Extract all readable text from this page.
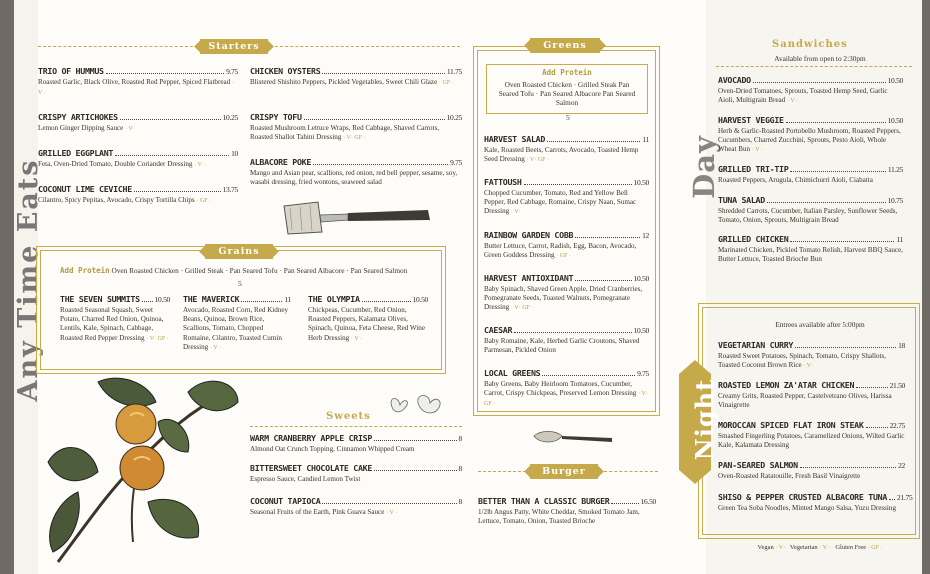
Any Time Eats
Starters
TRIO OF HUMMUS	9.75
Roasted Garlic, Black Olive, Roasted Red Pepper, Spiced Flatbread · V ·
CRISPY ARTICHOKES	10.25
Lemon Ginger Dipping Sauce · V·
GRILLED EGGPLANT	10
Feta, Oven-Dried Tomato, Double Coriander Dressing · V ·
COCONUT LIME CEVICHE	13.75
Cilantro, Spicy Pepitas, Avocado, Crispy Tortilla Chips · GF ·
CHICKEN OYSTERS	11.75
Blistered Shishito Peppers, Pickled Vegetables, Sweet Chili Glaze · GF ·
CRISPY TOFU	10.25
Roasted Mushroom Lettuce Wraps, Red Cabbage, Shaved Carrots, Roasted Shallot Tahini Dressing · V· GF ·
ALBACORE POKE	9.75
Mango and Asian pear, scallions, red onion, red bell pepper, sesame, soy, wasabi dressing, fried wontons, seaweed salad
Grains
Add Protein Oven Roasted Chicken · Grilled Steak · Pan Seared Tofu · Pan Seared Albacore · Pan Seared Salmon
5
THE SEVEN SUMMITS 10.50
Roasted Seasonal Squash, Sweet Potato, Charred Red Onion, Quinoa, Lentils, Kale, Spinach, Cabbage, Roasted Red Pepper Dressing · V· GF ·
THE MAVERICK	11
Avocado, Roasted Corn, Red Kidney Beans, Quinoa, Brown Rice, Scallions, Tomato, Chopped Romaine, Cilantro, Toasted Cumin Dressing · V ·
THE OLYMPIA	10.50
Chickpeas, Cucumber, Red Onion, Roasted Peppers, Kalamata Olives, Spinach, Quinoa, Feta Cheese, Red Wine Herb Dressing · V ·
Sweets
WARM CRANBERRY APPLE CRISP	8
Almond Oat Crunch Topping, Cinnamon Whipped Cream
BITTERSWEET CHOCOLATE CAKE	8
Espresso Sauce, Candied Lemon Twist
COCONUT TAPIOCA	8
Seasonal Fruits of the Earth, Pink Guava Sauce · V ·
Greens
Add Protein
Oven Roasted Chicken · Grilled Steak Pan Seared Tofu · Pan Seared Albacore Pan Seared Salmon
5
HARVEST SALAD	11
Kale, Roasted Beets, Carrots, Avocado, Toasted Hemp Seed Dressing · V· GF ·
FATTOUSH	10.50
Chopped Cucumber, Tomato, Red and Yellow Bell Pepper, Red Cabbage, Romaine, Crispy Naan, Sumac Dressing · V·
RAINBOW GARDEN COBB	12
Butter Lettuce, Carrot, Radish, Egg, Bacon, Avocado, Green Goddess Dressing · GF ·
HARVEST ANTIOXIDANT	10.50
Baby Spinach, Shaved Green Apple, Dried Cranberries, Pomegranate Seeds, Toasted Walnuts, Pomegranate Dressing · V· GF ·
CAESAR	10.50
Baby Romaine, Kale, Herbed Garlic Croutons, Shaved Parmesan, Pickled Onion
LOCAL GREENS	9.75
Baby Greens, Baby Heirloom Tomatoes, Cucumber, Carrot, Crispy Chickpeas, Preserved Lemon Dressing · V· GF ·
Burger
BETTER THAN A CLASSIC BURGER	16.50
1/2lb Angus Patty, White Cheddar, Smoked Tomato Jam, Lettuce, Tomato, Onion, Toasted Brioche
Day
Sandwiches
Available from open to 2:30pm
AVOCADO	10.50
Oven-Dried Tomatoes, Sprouts, Toasted Hemp Seed, Garlic Aioli, Multigrain Bread · V ·
HARVEST VEGGIE	10.50
Herb & Garlic-Roasted Portobello Mushroom, Roasted Peppers, Cucumbers, Charred Zucchini, Sprouts, Pesto Aioli, Whole Wheat Bun · V ·
GRILLED TRI-TIP	11.25
Roasted Peppers, Arugula, Chimichurri Aioli, Ciabatta
TUNA SALAD	10.75
Shredded Carrots, Cucumber, Italian Parsley, Sunflower Seeds, Tomato, Onion, Sprouts, Multigrain Bread
GRILLED CHICKEN	11
Marinated Chicken, Pickled Tomato Relish, Harvest BBQ Sauce, Butter Lettuce, Toasted Brioche Bun
Night
Entrees available after 5:00pm
VEGETARIAN CURRY	18
Roasted Sweet Potatoes, Spinach, Tomato, Crispy Shallots, Toasted Coconut Brown Rice · V·
ROASTED LEMON ZA'ATAR CHICKEN	21.50
Creamy Grits, Roasted Pepper, Castelvetrano Olives, Harissa Vinaigrette
MOROCCAN SPICED FLAT IRON STEAK	22.75
Smashed Fingerling Potatoes, Caramelized Onions, Wilted Garlic Kale, Kalamata Dressing
PAN-SEARED SALMON	22
Oven-Roasted Ratatouille, Fresh Basil Vinaigrette
SHISO & PEPPER CRUSTED ALBACORE TUNA 21.75
Green Tea Soba Noodles, Minted Mango Salsa, Yuzu Dressing
Vegan · V· Vegetarian · V · Gluten Free · GF ·
